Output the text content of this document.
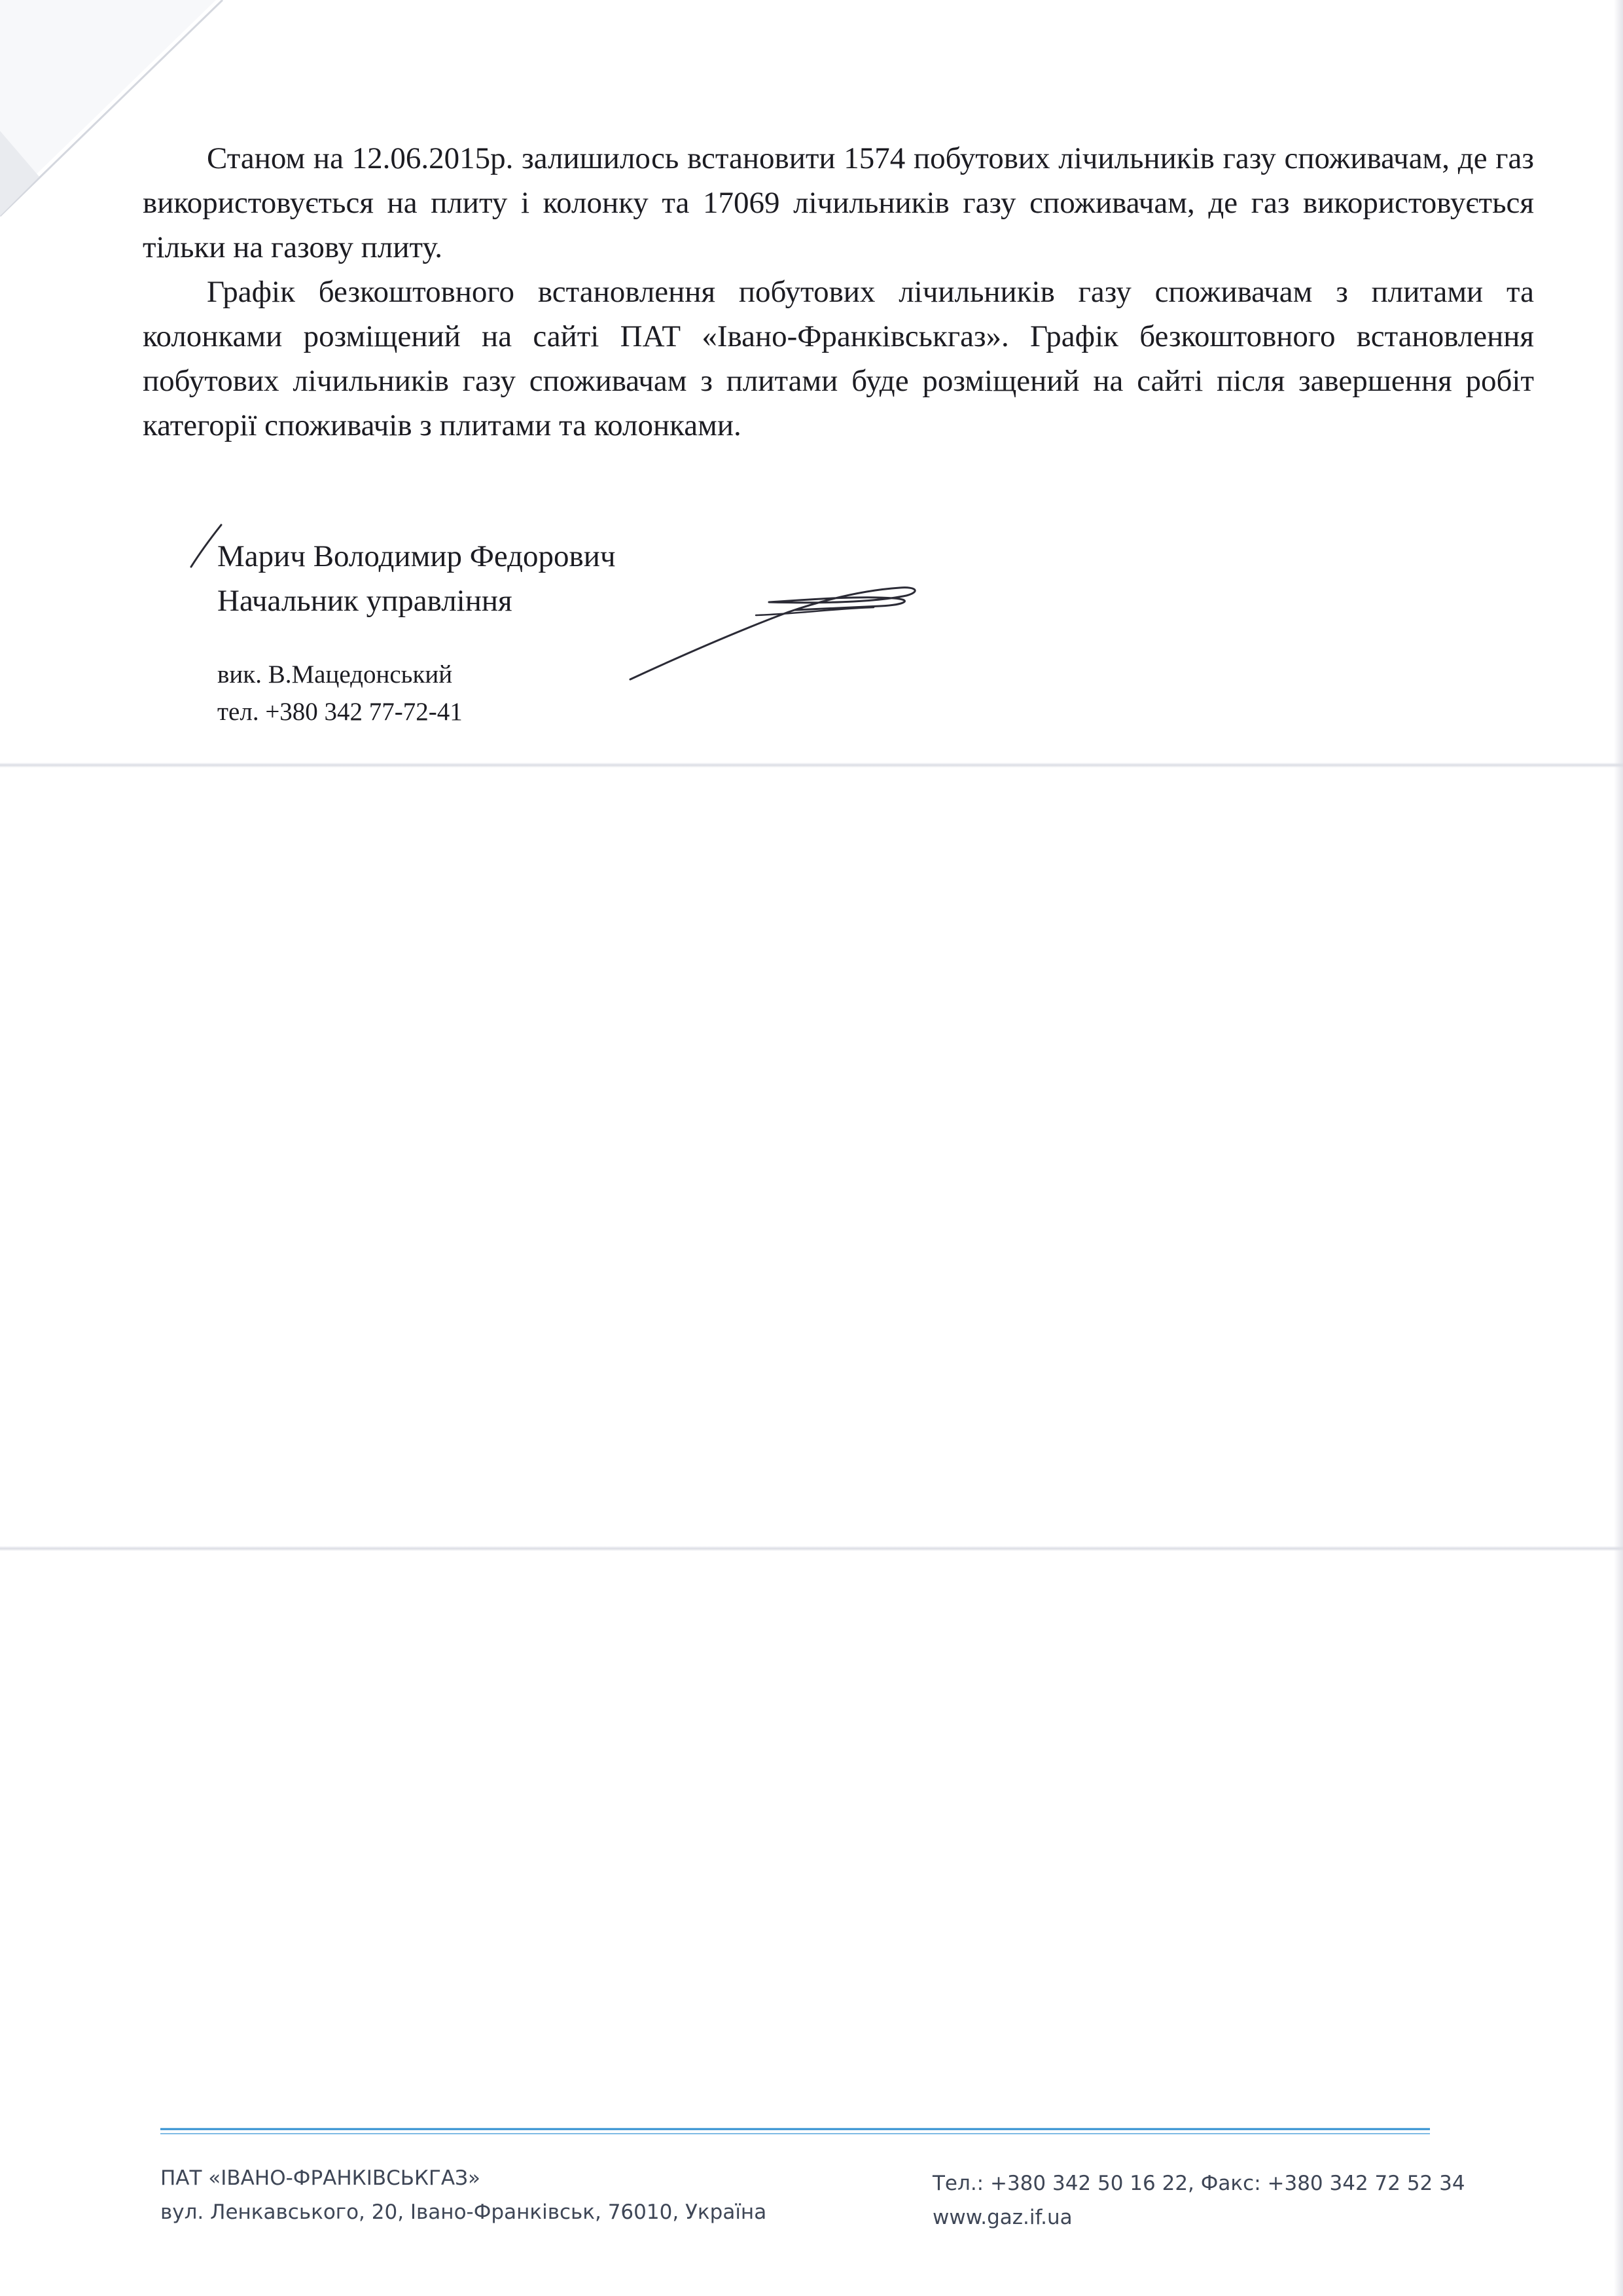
Станом на 12.06.2015р. залишилось встановити 1574 побутових лічильників газу споживачам, де газ використовується на плиту і колонку та 17069 лічильників газу споживачам, де газ використовується тільки на газову плиту.

Графік безкоштовного встановлення побутових лічильників газу споживачам з плитами та колонками розміщений на сайті ПАТ «Івано-Франківськгаз». Графік безкоштовного встановлення побутових лічильників газу споживачам з плитами буде розміщений на сайті після завершення робіт категорії споживачів з плитами та колонками.

Марич Володимир Федорович
Начальник управління
вик. В.Мацедонський
тел. +380 342 77-72-41
ПАТ «ІВАНО-ФРАНКІВСЬКГАЗ»
вул. Ленкавського, 20, Івано-Франківськ, 76010, Україна
Тел.: +380 342 50 16 22, Факс: +380 342 72 52 34
www.gaz.if.ua
